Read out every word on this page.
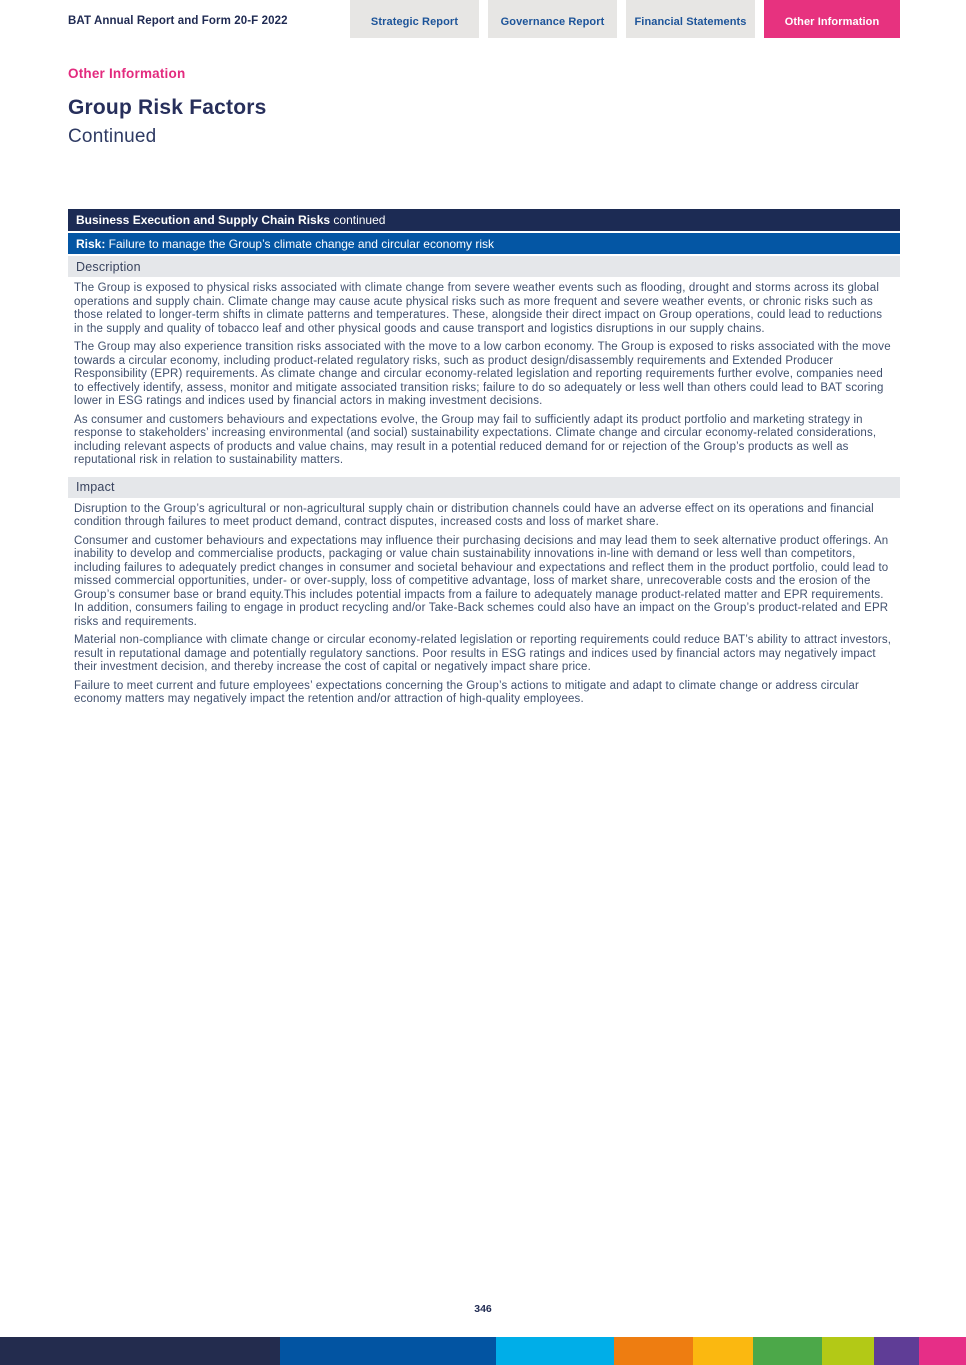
BAT Annual Report and Form 20-F 2022	Strategic Report	Governance Report	Financial Statements	Other Information
Other Information
Group Risk Factors
Continued
Business Execution and Supply Chain Risks continued
Risk: Failure to manage the Group’s climate change and circular economy risk
Description

The Group is exposed to physical risks associated with climate change from severe weather events such as flooding, drought and storms across its global operations and supply chain. Climate change may cause acute physical risks such as more frequent and severe weather events, or chronic risks such as those related to longer-term shifts in climate patterns and temperatures. These, alongside their direct impact on Group operations, could lead to reductions in the supply and quality of tobacco leaf and other physical goods and cause transport and logistics disruptions in our supply chains.

The Group may also experience transition risks associated with the move to a low carbon economy. The Group is exposed to risks associated with the move towards a circular economy, including product-related regulatory risks, such as product design/disassembly requirements and Extended Producer Responsibility (EPR) requirements. As climate change and circular economy-related legislation and reporting requirements further evolve, companies need to effectively identify, assess, monitor and mitigate associated transition risks; failure to do so adequately or less well than others could lead to BAT scoring lower in ESG ratings and indices used by financial actors in making investment decisions.

As consumer and customers behaviours and expectations evolve, the Group may fail to sufficiently adapt its product portfolio and marketing strategy in response to stakeholders’ increasing environmental (and social) sustainability expectations. Climate change and circular economy-related considerations, including relevant aspects of products and value chains, may result in a potential reduced demand for or rejection of the Group’s products as well as reputational risk in relation to sustainability matters.

Impact

Disruption to the Group’s agricultural or non-agricultural supply chain or distribution channels could have an adverse effect on its operations and financial condition through failures to meet product demand, contract disputes, increased costs and loss of market share.

Consumer and customer behaviours and expectations may influence their purchasing decisions and may lead them to seek alternative product offerings. An inability to develop and commercialise products, packaging or value chain sustainability innovations in-line with demand or less well than competitors, including failures to adequately predict changes in consumer and societal behaviour and expectations and reflect them in the product portfolio, could lead to missed commercial opportunities, under- or over-supply, loss of competitive advantage, loss of market share, unrecoverable costs and the erosion of the Group’s consumer base or brand equity.This includes potential impacts from a failure to adequately manage product-related matter and EPR requirements. In addition, consumers failing to engage in product recycling and/or Take-Back schemes could also have an impact on the Group’s product-related and EPR risks and requirements.

Material non-compliance with climate change or circular economy-related legislation or reporting requirements could reduce BAT’s ability to attract investors, result in reputational damage and potentially regulatory sanctions. Poor results in ESG ratings and indices used by financial actors may negatively impact their investment decision, and thereby increase the cost of capital or negatively impact share price.

Failure to meet current and future employees’ expectations concerning the Group’s actions to mitigate and adapt to climate change or address circular economy matters may negatively impact the retention and/or attraction of high-quality employees.

346
